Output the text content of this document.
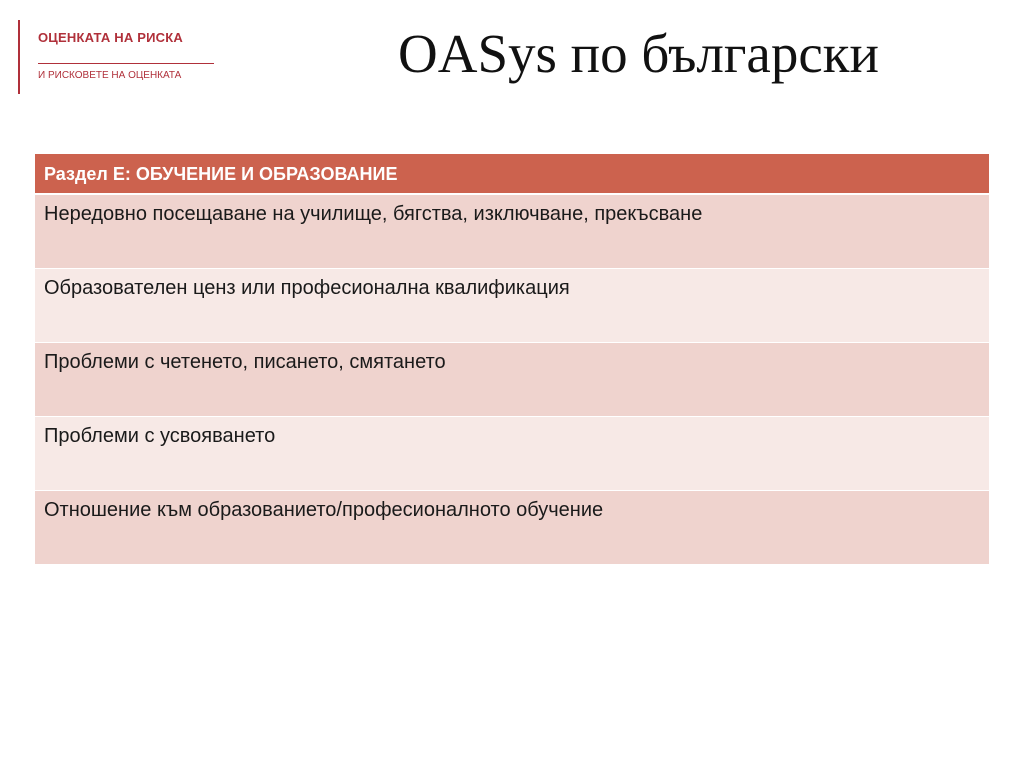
ОЦЕНКАТА НА РИСКА
И РИСКОВЕТЕ НА ОЦЕНКАТА	OASys по български
Раздел Е: ОБУЧЕНИЕ И ОБРАЗОВАНИЕ
Нередовно посещаване на училище, бягства, изключване, прекъсване
Образователен ценз или професионална квалификация
Проблеми с четенето, писането, смятането
Проблеми с усвояването
Отношение към образованието/професионалното обучение
